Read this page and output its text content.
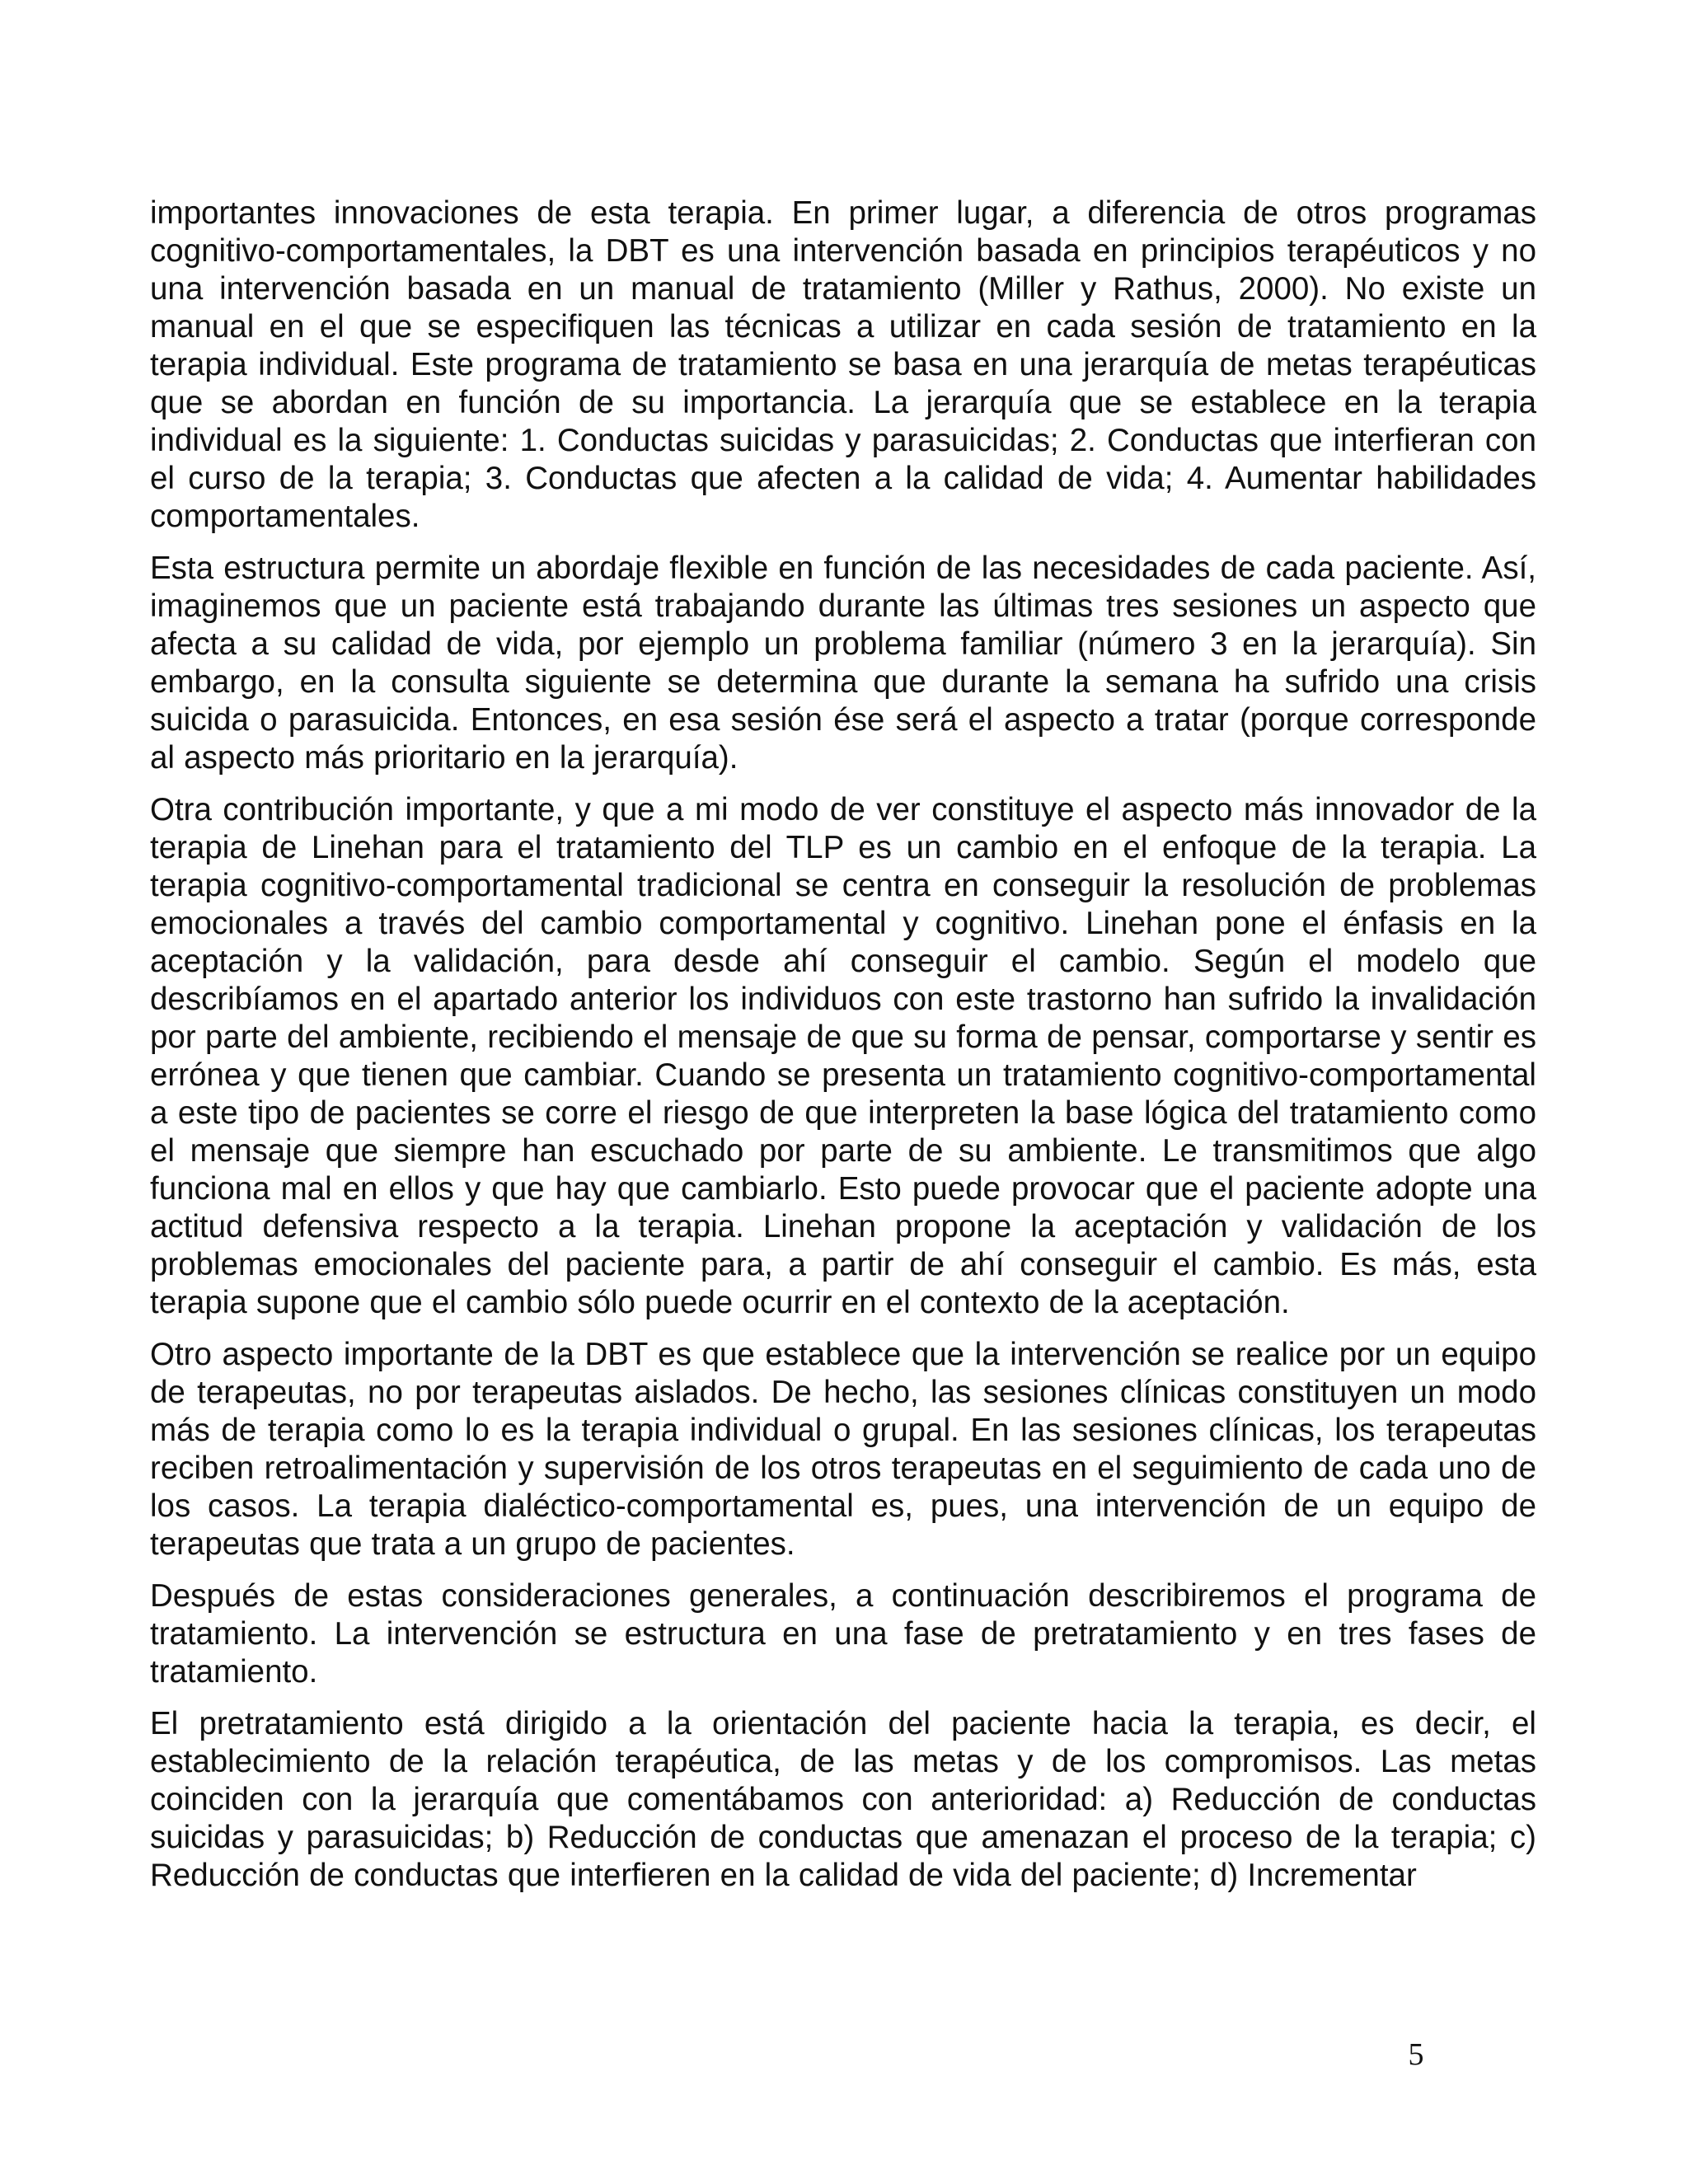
importantes innovaciones de esta terapia. En primer lugar, a diferencia de otros programas cognitivo-comportamentales, la DBT es una intervención basada en principios terapéuticos y no una intervención basada en un manual de tratamiento (Miller y Rathus, 2000). No existe un manual en el que se especifiquen las técnicas a utilizar en cada sesión de tratamiento en la terapia individual. Este programa de tratamiento se basa en una jerarquía de metas terapéuticas que se abordan en función de su importancia. La jerarquía que se establece en la terapia individual es la siguiente: 1. Conductas suicidas y parasuicidas; 2. Conductas que interfieran con el curso de la terapia; 3. Conductas que afecten a la calidad de vida; 4. Aumentar habilidades comportamentales.

Esta estructura permite un abordaje flexible en función de las necesidades de cada paciente. Así, imaginemos que un paciente está trabajando durante las últimas tres sesiones un aspecto que afecta a su calidad de vida, por ejemplo un problema familiar (número 3 en la jerarquía). Sin embargo, en la consulta siguiente se determina que durante la semana ha sufrido una crisis suicida o parasuicida. Entonces, en esa sesión ése será el aspecto a tratar (porque corresponde al aspecto más prioritario en la jerarquía).

Otra contribución importante, y que a mi modo de ver constituye el aspecto más innovador de la terapia de Linehan para el tratamiento del TLP es un cambio en el enfoque de la terapia. La terapia cognitivo-comportamental tradicional se centra en conseguir la resolución de problemas emocionales a través del cambio comportamental y cognitivo. Linehan pone el énfasis en la aceptación y la validación, para desde ahí conseguir el cambio. Según el modelo que describíamos en el apartado anterior los individuos con este trastorno han sufrido la invalidación por parte del ambiente, recibiendo el mensaje de que su forma de pensar, comportarse y sentir es errónea y que tienen que cambiar. Cuando se presenta un tratamiento cognitivo-comportamental a este tipo de pacientes se corre el riesgo de que interpreten la base lógica del tratamiento como el mensaje que siempre han escuchado por parte de su ambiente. Le transmitimos que algo funciona mal en ellos y que hay que cambiarlo. Esto puede provocar que el paciente adopte una actitud defensiva respecto a la terapia. Linehan propone la aceptación y validación de los problemas emocionales del paciente para, a partir de ahí conseguir el cambio. Es más, esta terapia supone que el cambio sólo puede ocurrir en el contexto de la aceptación.

Otro aspecto importante de la DBT es que establece que la intervención se realice por un equipo de terapeutas, no por terapeutas aislados. De hecho, las sesiones clínicas constituyen un modo más de terapia como lo es la terapia individual o grupal. En las sesiones clínicas, los terapeutas reciben retroalimentación y supervisión de los otros terapeutas en el seguimiento de cada uno de los casos. La terapia dialéctico-comportamental es, pues, una intervención de un equipo de terapeutas que trata a un grupo de pacientes.

Después de estas consideraciones generales, a continuación describiremos el programa de tratamiento. La intervención se estructura en una fase de pretratamiento y en tres fases de tratamiento.

El pretratamiento está dirigido a la orientación del paciente hacia la terapia, es decir, el establecimiento de la relación terapéutica, de las metas y de los compromisos. Las metas coinciden con la jerarquía que comentábamos con anterioridad: a) Reducción de conductas suicidas y parasuicidas; b) Reducción de conductas que amenazan el proceso de la terapia; c) Reducción de conductas que interfieren en la calidad de vida del paciente; d) Incrementar

5
